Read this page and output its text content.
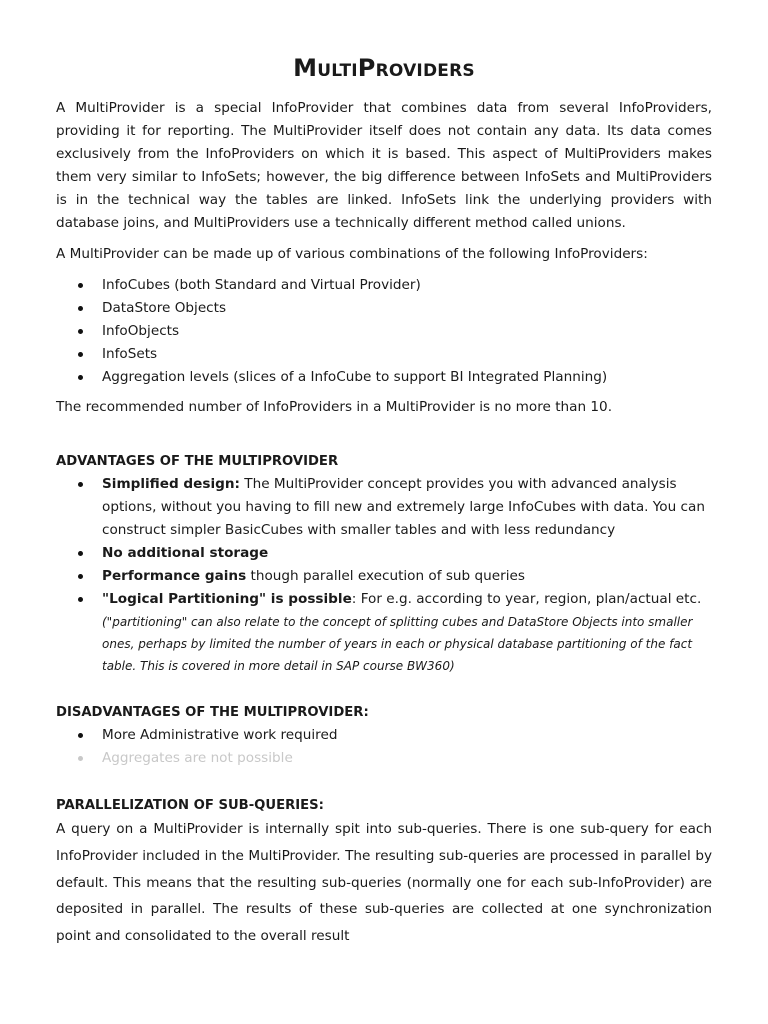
MultiProviders

A MultiProvider is a special InfoProvider that combines data from several InfoProviders, providing it for reporting. The MultiProvider itself does not contain any data. Its data comes exclusively from the InfoProviders on which it is based. This aspect of MultiProviders makes them very similar to InfoSets; however, the big difference between InfoSets and MultiProviders is in the technical way the tables are linked. InfoSets link the underlying providers with database joins, and MultiProviders use a technically different method called unions.

A MultiProvider can be made up of various combinations of the following InfoProviders:

InfoCubes (both Standard and Virtual Provider)
DataStore Objects
InfoObjects
InfoSets
Aggregation levels (slices of a InfoCube to support BI Integrated Planning)

The recommended number of InfoProviders in a MultiProvider is no more than 10.

ADVANTAGES OF THE MULTIPROVIDER

Simplified design: The MultiProvider concept provides you with advanced analysis options, without you having to fill new and extremely large InfoCubes with data. You can construct simpler BasicCubes with smaller tables and with less redundancy
No additional storage
Performance gains though parallel execution of sub queries
"Logical Partitioning" is possible: For e.g. according to year, region, plan/actual etc.
("partitioning" can also relate to the concept of splitting cubes and DataStore Objects into smaller ones, perhaps by limited the number of years in each or physical database partitioning of the fact table. This is covered in more detail in SAP course BW360)

DISADVANTAGES OF THE MULTIPROVIDER:

More Administrative work required
Aggregates are not possible

PARALLELIZATION OF SUB-QUERIES:

A query on a MultiProvider is internally spit into sub-queries. There is one sub-query for each InfoProvider included in the MultiProvider. The resulting sub-queries are processed in parallel by default. This means that the resulting sub-queries (normally one for each sub-InfoProvider) are deposited in parallel. The results of these sub-queries are collected at one synchronization point and consolidated to the overall result
